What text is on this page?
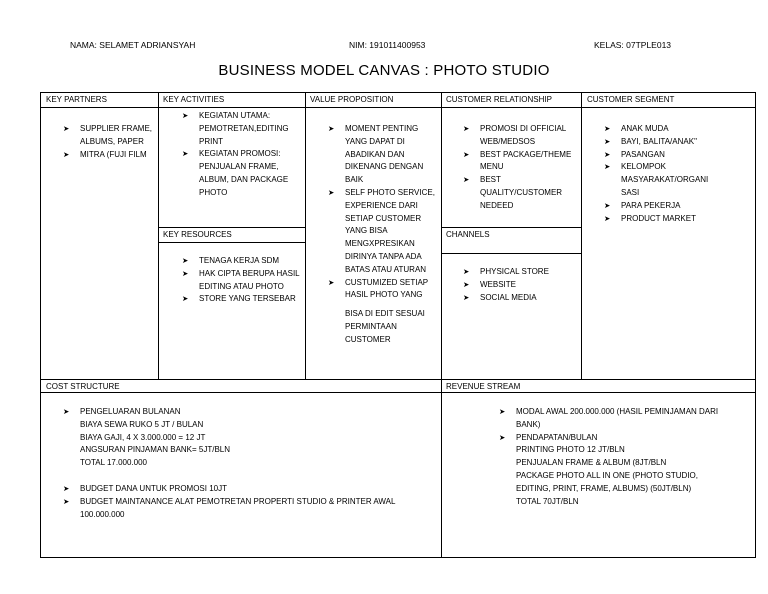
NAMA: SELAMET ADRIANSYAH	NIM: 191011400953	KELAS: 07TPLE013
BUSINESS MODEL CANVAS : PHOTO STUDIO
KEY PARTNERS	KEY ACTIVITIES	VALUE PROPOSITION	CUSTOMER RELATIONSHIP	CUSTOMER SEGMENT
KEY RESOURCES	CHANNELS
COST STRUCTURE	REVENUE STREAM
➤ SUPPLIER FRAME, ALBUMS, PAPER
➤ MITRA (FUJI FILM
➤ KEGIATAN UTAMA: PEMOTRETAN,EDITING PRINT
➤ KEGIATAN PROMOSI: PENJUALAN FRAME, ALBUM, DAN PACKAGE PHOTO
➤ TENAGA KERJA SDM
➤ HAK CIPTA BERUPA HASIL EDITING ATAU PHOTO
➤ STORE YANG TERSEBAR
➤ MOMENT PENTING YANG DAPAT DI ABADIKAN DAN DIKENANG DENGAN BAIK
➤ SELF PHOTO SERVICE, EXPERIENCE DARI SETIAP CUSTOMER YANG BISA MENGXPRESIKAN DIRINYA TANPA ADA BATAS ATAU ATURAN
➤ CUSTUMIZED SETIAP HASIL PHOTO YANG
BISA DI EDIT SESUAI PERMINTAAN CUSTOMER
➤ PROMOSI DI OFFICIAL WEB/MEDSOS
➤ BEST PACKAGE/THEME MENU
➤ BEST QUALITY/CUSTOMER NEDEED
➤ PHYSICAL STORE
➤ WEBSITE
➤ SOCIAL MEDIA
➤ ANAK MUDA
➤ BAYI, BALITA/ANAK"
➤ PASANGAN
➤ KELOMPOK MASYARAKAT/ORGANI SASI
➤ PARA PEKERJA
➤ PRODUCT MARKET
➤ PENGELUARAN BULANAN
BIAYA SEWA RUKO 5 JT / BULAN
BIAYA GAJI, 4 X 3.000.000 = 12 JT
ANGSURAN PINJAMAN BANK= 5JT/BLN
TOTAL 17.000.000
➤ BUDGET DANA UNTUK PROMOSI 10JT
➤ BUDGET MAINTANANCE ALAT PEMOTRETAN PROPERTI STUDIO & PRINTER AWAL 100.000.000
➤ MODAL AWAL 200.000.000 (HASIL PEMINJAMAN DARI BANK)
➤ PENDAPATAN/BULAN
PRINTING PHOTO 12 JT/BLN
PENJUALAN FRAME & ALBUM (8JT/BLN
PACKAGE PHOTO ALL IN ONE (PHOTO STUDIO, EDITING, PRINT, FRAME, ALBUMS) (50JT/BLN)
TOTAL 70JT/BLN
